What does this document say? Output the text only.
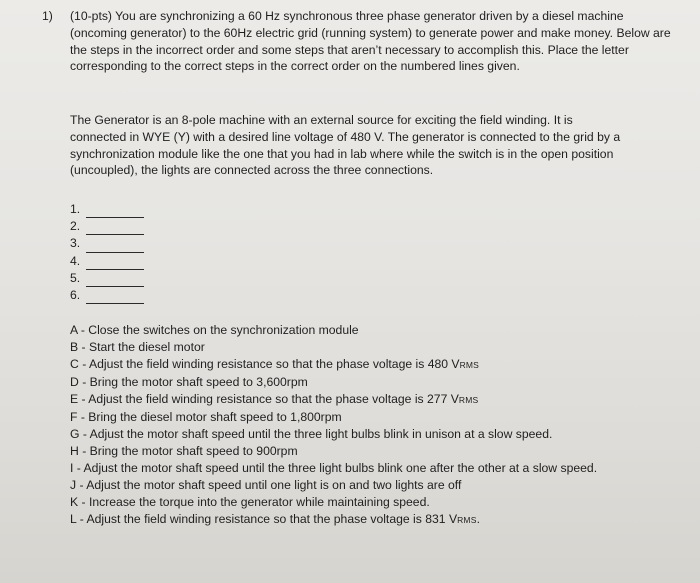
1)	(10-pts) You are synchronizing a 60 Hz synchronous three phase generator driven by a diesel machine (oncoming generator) to the 60Hz electric grid (running system) to generate power and make money. Below are the steps in the incorrect order and some steps that aren’t necessary to accomplish this. Place the letter corresponding to the correct steps in the correct order on the numbered lines given.
The Generator is an 8-pole machine with an external source for exciting the field winding. It is connected in WYE (Y) with a desired line voltage of 480 V. The generator is connected to the grid by a synchronization module like the one that you had in lab where while the switch is in the open position (uncoupled), the lights are connected across the three connections.
1.
2.
3.
4.
5.
6.
A - Close the switches on the synchronization module
B - Start the diesel motor
C - Adjust the field winding resistance so that the phase voltage is 480 VRMS
D - Bring the motor shaft speed to 3,600rpm
E - Adjust the field winding resistance so that the phase voltage is 277 VRMS
F - Bring the diesel motor shaft speed to 1,800rpm
G - Adjust the motor shaft speed until the three light bulbs blink in unison at a slow speed.
H - Bring the motor shaft speed to 900rpm
I - Adjust the motor shaft speed until the three light bulbs blink one after the other at a slow speed.
J - Adjust the motor shaft speed until one light is on and two lights are off
K - Increase the torque into the generator while maintaining speed.
L - Adjust the field winding resistance so that the phase voltage is 831 VRMS.
